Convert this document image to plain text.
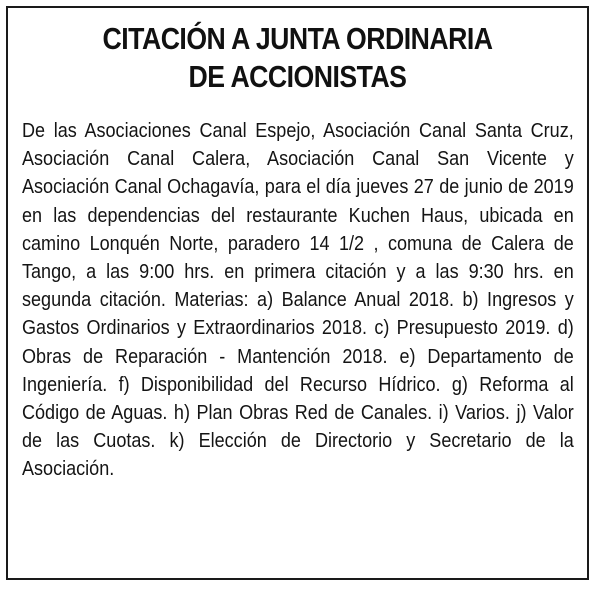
CITACIÓN A JUNTA ORDINARIA
DE ACCIONISTAS

De las Asociaciones Canal Espejo, Asociación Canal Santa Cruz, Asociación Canal Calera, Asociación Canal San Vicente y Asociación Canal Ochagavía, para el día jueves 27 de junio de 2019 en las dependencias del restaurante Kuchen Haus, ubicada en camino Lonquén Norte, paradero 14 1/2 , comuna de Calera de Tango, a las 9:00 hrs. en primera citación y a las 9:30 hrs. en segunda citación. Materias: a) Balance Anual 2018. b) Ingresos y Gastos Ordinarios y Extraordinarios 2018. c) Presupuesto 2019. d) Obras de Reparación - Mantención 2018. e) Departamento de Ingeniería. f) Disponibilidad del Recurso Hídrico. g) Reforma al Código de Aguas. h) Plan Obras Red de Canales. i) Varios. j) Valor de las Cuotas. k) Elección de Directorio y Secretario de la Asociación.
